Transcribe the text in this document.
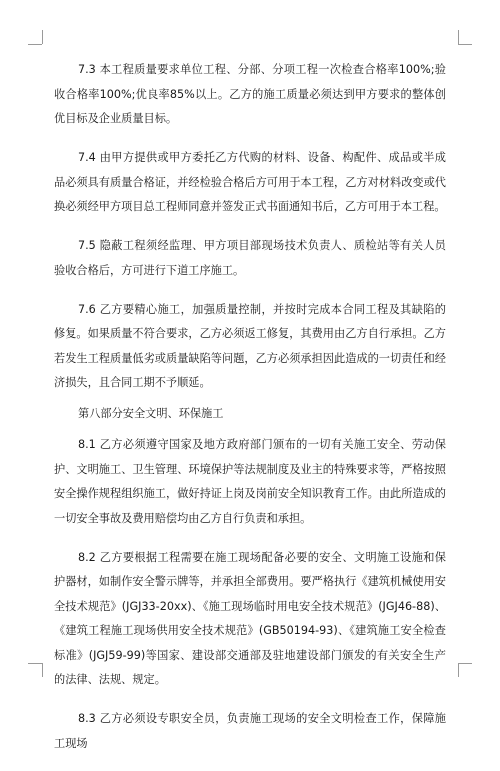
7.3 本工程质量要求单位工程、分部、分项工程一次检查合格率100%;验收合格率100%;优良率85%以上。乙方的施工质量必须达到甲方要求的整体创优目标及企业质量目标。

7.4 由甲方提供或甲方委托乙方代购的材料、设备、构配件、成品或半成品必须具有质量合格证，并经检验合格后方可用于本工程，乙方对材料改变或代换必须经甲方项目总工程师同意并签发正式书面通知书后，乙方可用于本工程。

7.5 隐蔽工程须经监理、甲方项目部现场技术负责人、质检站等有关人员验收合格后，方可进行下道工序施工。

7.6 乙方要精心施工，加强质量控制，并按时完成本合同工程及其缺陷的修复。如果质量不符合要求，乙方必须返工修复，其费用由乙方自行承担。乙方若发生工程质量低劣或质量缺陷等问题，乙方必须承担因此造成的一切责任和经济损失，且合同工期不予顺延。

第八部分安全文明、环保施工

8.1 乙方必须遵守国家及地方政府部门颁布的一切有关施工安全、劳动保护、文明施工、卫生管理、环境保护等法规制度及业主的特殊要求等，严格按照安全操作规程组织施工，做好持证上岗及岗前安全知识教育工作。由此所造成的一切安全事故及费用赔偿均由乙方自行负责和承担。

8.2 乙方要根据工程需要在施工现场配备必要的安全、文明施工设施和保护器材，如制作安全警示牌等，并承担全部费用。要严格执行《建筑机械使用安全技术规范》(JGJ33-20xx)、《施工现场临时用电安全技术规范》(JGJ46-88)、《建筑工程施工现场供用安全技术规范》(GB50194-93)、《建筑施工安全检查标准》(JGJ59-99)等国家、建设部交通部及驻地建设部门颁发的有关安全生产的法律、法规、规定。

8.3 乙方必须设专职安全员，负责施工现场的安全文明检查工作，保障施工现场
